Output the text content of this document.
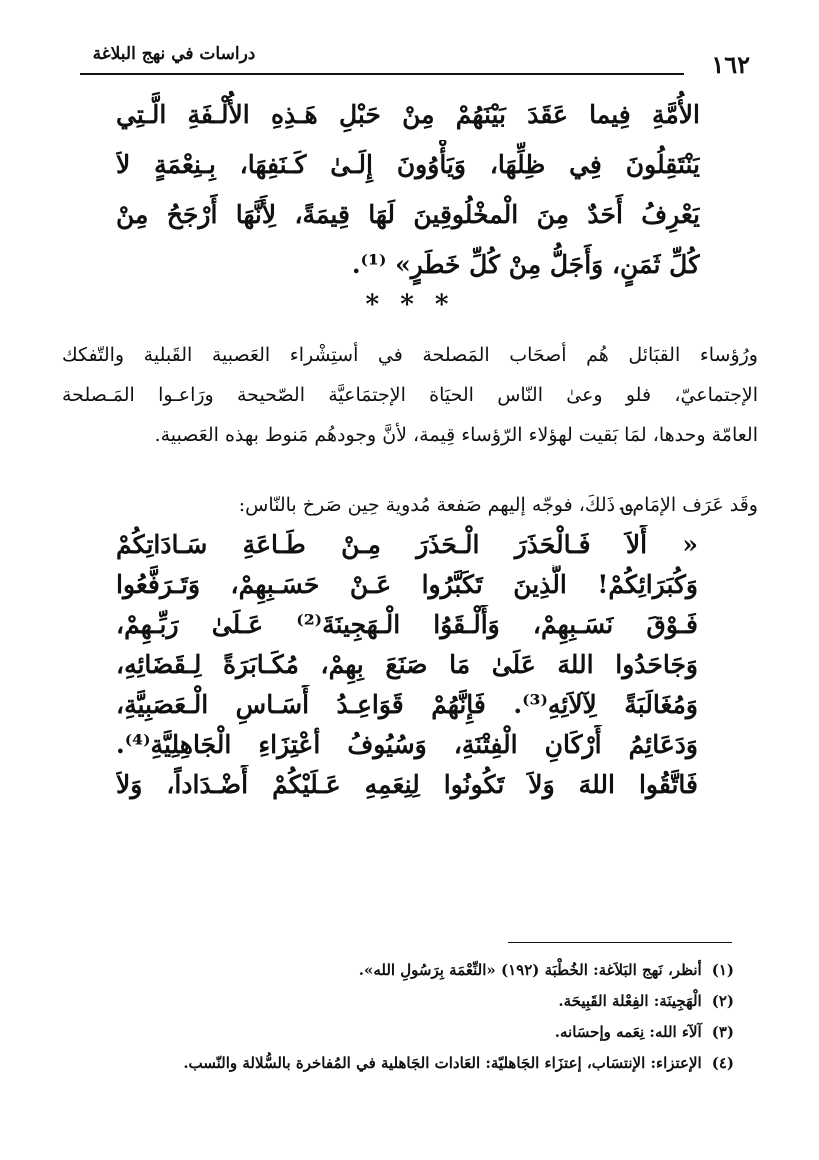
دراسات في نهج البلاغة	١٦٢
الأُمَّةِ فِيما عَقَدَ بَيْنَهُمْ مِنْ حَبْلِ هَـذِهِ الأُلْـفَةِ الَّـتِي
يَنْتَقِلُونَ فِي ظِلِّهَا، وَيَأْوُونَ إِلَـىٰ كَـنَفِهَا، بِـنِعْمَةٍ لاَ
يَعْرِفُ أَحَدٌ مِنَ الْمخْلُوقِينَ لَهَا قِيمَةً، لِأَنَّهَا أَرْجَحُ مِنْ
كُلِّ ثَمَنٍ، وَأَجَلُّ مِنْ كُلِّ خَطَرٍ» ⁽¹⁾.
* * *
ورُؤساء القبَائل هُم أصحَاب المَصلحة في أستِشْراء العَصبية القَبلية والتّفكك
الإجتماعيّ، فلو وعىٰ النّاس الحيَاة الإجتمَاعيَّة الصّحيحة ورَاعـوا المَـصلحة
العامّة وحدها، لمَا بَقيت لهؤلاء الرّؤساء قِيمة، لأنَّ وجودهُم مَنوط بهذه العَصبية.
وقَد عَرَف الإمَام؈ ذَلكَ، فوجّه إليهم صَفعة مُدوية حِين صَرخ بالنّاس:
« أَلاَ فَـالْحَذَرَ الْـحَذَرَ مِـنْ طَـاعَةِ سَـادَاتِكُمْ
وَكُبَرَائِكُمْ! الَّذِينَ تَكَبَّرُوا عَـنْ حَسَـبِهِمْ، وَتَـرَفَّعُوا
فَـوْقَ نَسَـبِهِمْ، وَأَلْـقَوُا الْـهَجِينَةَ⁽²⁾ عَـلَىٰ رَبِّـهِمْ،
وَجَاحَدُوا اللهَ عَلَىٰ مَا صَنَعَ بِهِمْ، مُكَـابَرَةً لِـقَضَائِهِ،
وَمُغَالَبَةً لِآلاَئِهِ⁽³⁾. فَإِنَّهُمْ قَوَاعِـدُ أَسَـاسِ الْـعَصَبِيَّةِ،
وَدَعَائِمُ أَرْكَانِ الْفِتْنَةِ، وَسُيُوفُ أعْتِزَاءِ الْجَاهِلِيَّةِ⁽⁴⁾.
فَاتَّقُوا اللهَ وَلاَ تَكُونُوا لِنِعَمِهِ عَـلَيْكُمْ أَضْـدَاداً، وَلاَ
(١)أنظر، نَهج البَلاَغة: الخُطْبَة (١٩٢) «النِّعْمَة بِرَسُولِ الله».
(٢)الْهَجِينَة: الفِعْلة القَبِيحَة.
(٣)آلآء الله: نِعَمه وإحسَانه.
(٤)الإعتزاء: الإنتسَاب، إعتزَاء الجَاهليّة: العَادات الجَاهلية في المُفاخرة بالسُّلالة والنّسب.
